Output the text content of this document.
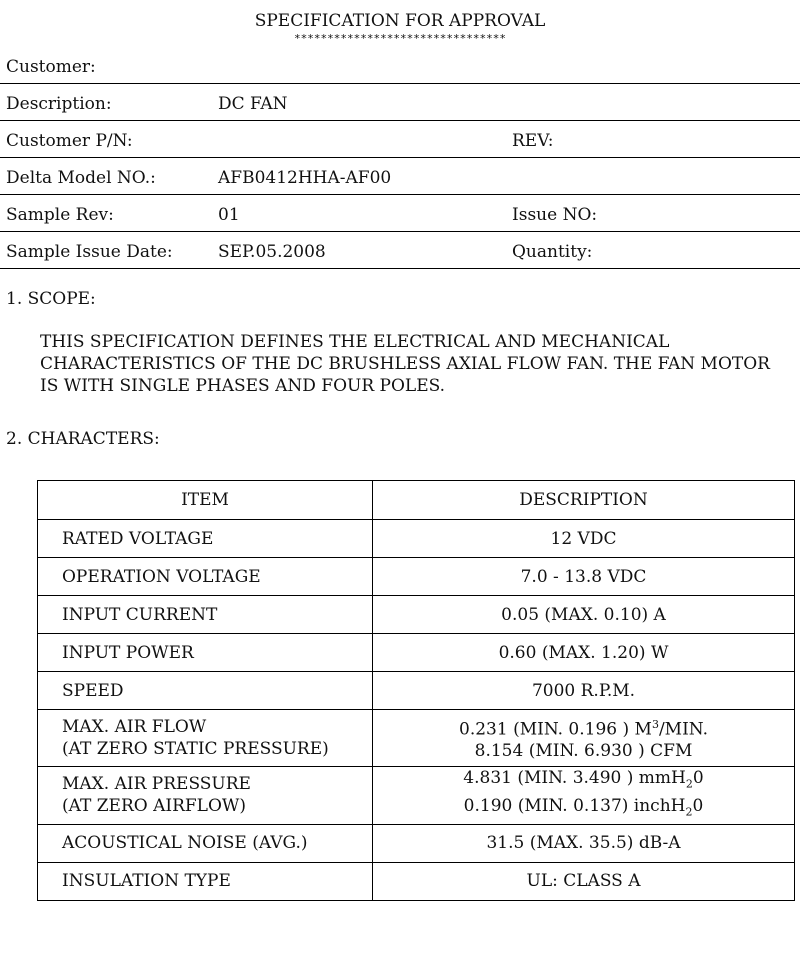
SPECIFICATION FOR APPROVAL
********************************
Customer:
Description:	DC FAN
Customer P/N:	REV:
Delta Model NO.:	AFB0412HHA-AF00
Sample Rev:	01	Issue NO:
Sample Issue Date:	SEP.05.2008	Quantity:
1. SCOPE:
THIS SPECIFICATION DEFINES THE ELECTRICAL AND MECHANICAL CHARACTERISTICS OF THE DC BRUSHLESS AXIAL FLOW FAN. THE FAN MOTOR IS WITH SINGLE PHASES AND FOUR POLES.
2. CHARACTERS:
ITEM	DESCRIPTION
RATED VOLTAGE	12 VDC
OPERATION VOLTAGE	7.0 - 13.8 VDC
INPUT CURRENT	0.05 (MAX. 0.10) A
INPUT POWER	0.60 (MAX. 1.20) W
SPEED	7000 R.P.M.

MAX. AIR FLOW
(AT ZERO STATIC PRESSURE)	0.231 (MIN. 0.196 ) $M^3$/MIN.
8.154 (MIN. 6.930 ) CFM

MAX. AIR PRESSURE
(AT ZERO AIRFLOW)	4.831 (MIN. 3.490 ) mmH$_2$0
0.190 (MIN. 0.137) inchH$_2$0

ACOUSTICAL NOISE (AVG.)	31.5 (MAX. 35.5) dB-A
INSULATION TYPE	UL: CLASS A
